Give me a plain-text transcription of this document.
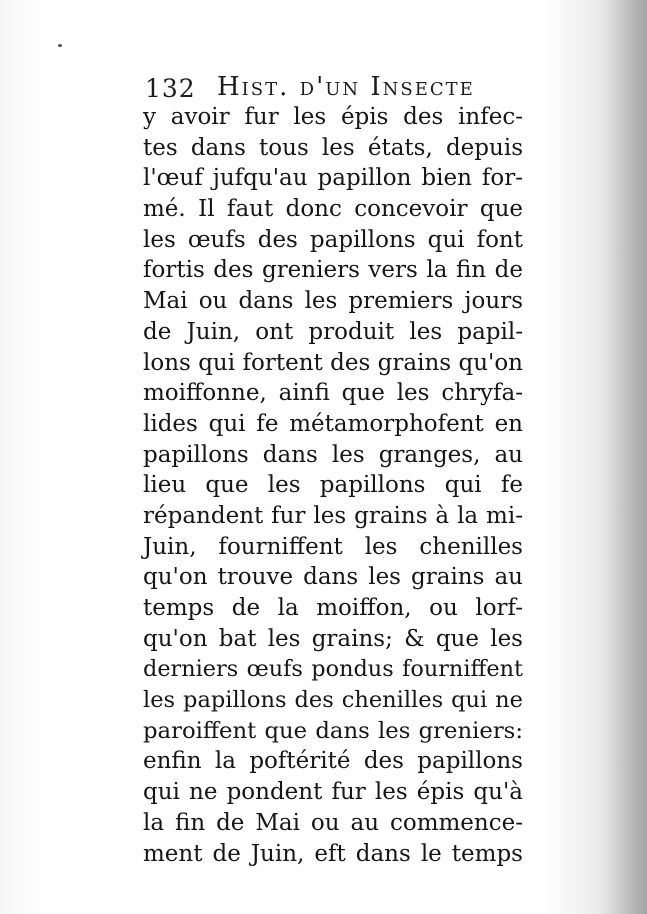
132 Hist. d'un Insecte
y avoir fur les épis des infec-
tes dans tous les états, depuis
l'œuf jufqu'au papillon bien for-
mé. Il faut donc concevoir que
les œufs des papillons qui font
fortis des greniers vers la fin de
Mai ou dans les premiers jours
de Juin, ont produit les papil-
lons qui fortent des grains qu'on
moiffonne, ainfi que les chryfa-
lides qui fe métamorphofent en
papillons dans les granges, au
lieu que les papillons qui fe
répandent fur les grains à la mi-
Juin, fourniffent les chenilles
qu'on trouve dans les grains au
temps de la moiffon, ou lorf-
qu'on bat les grains; & que les
derniers œufs pondus fourniffent
les papillons des chenilles qui ne
paroiffent que dans les greniers:
enfin la poftérité des papillons
qui ne pondent fur les épis qu'à
la fin de Mai ou au commence-
ment de Juin, eft dans le temps
